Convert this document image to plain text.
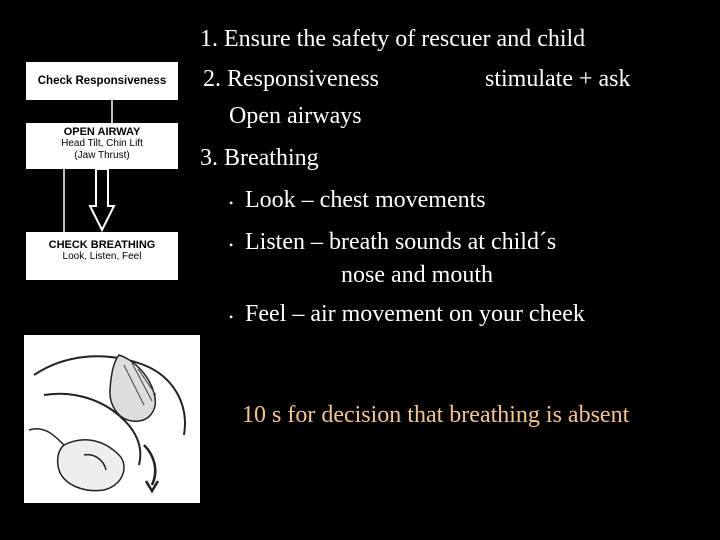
Check Responsiveness
OPEN AIRWAY
Head Tilt, Chin Lift
(Jaw Thrust)
CHECK BREATHING
Look, Listen, Feel
1. Ensure the safety of rescuer and child
2. Responsiveness	stimulate + ask
Open airways
3. Breathing
• Look – chest movements
• Listen – breath sounds at child´s
nose and mouth
• Feel – air movement on your cheek
10 s for decision that breathing is absent
